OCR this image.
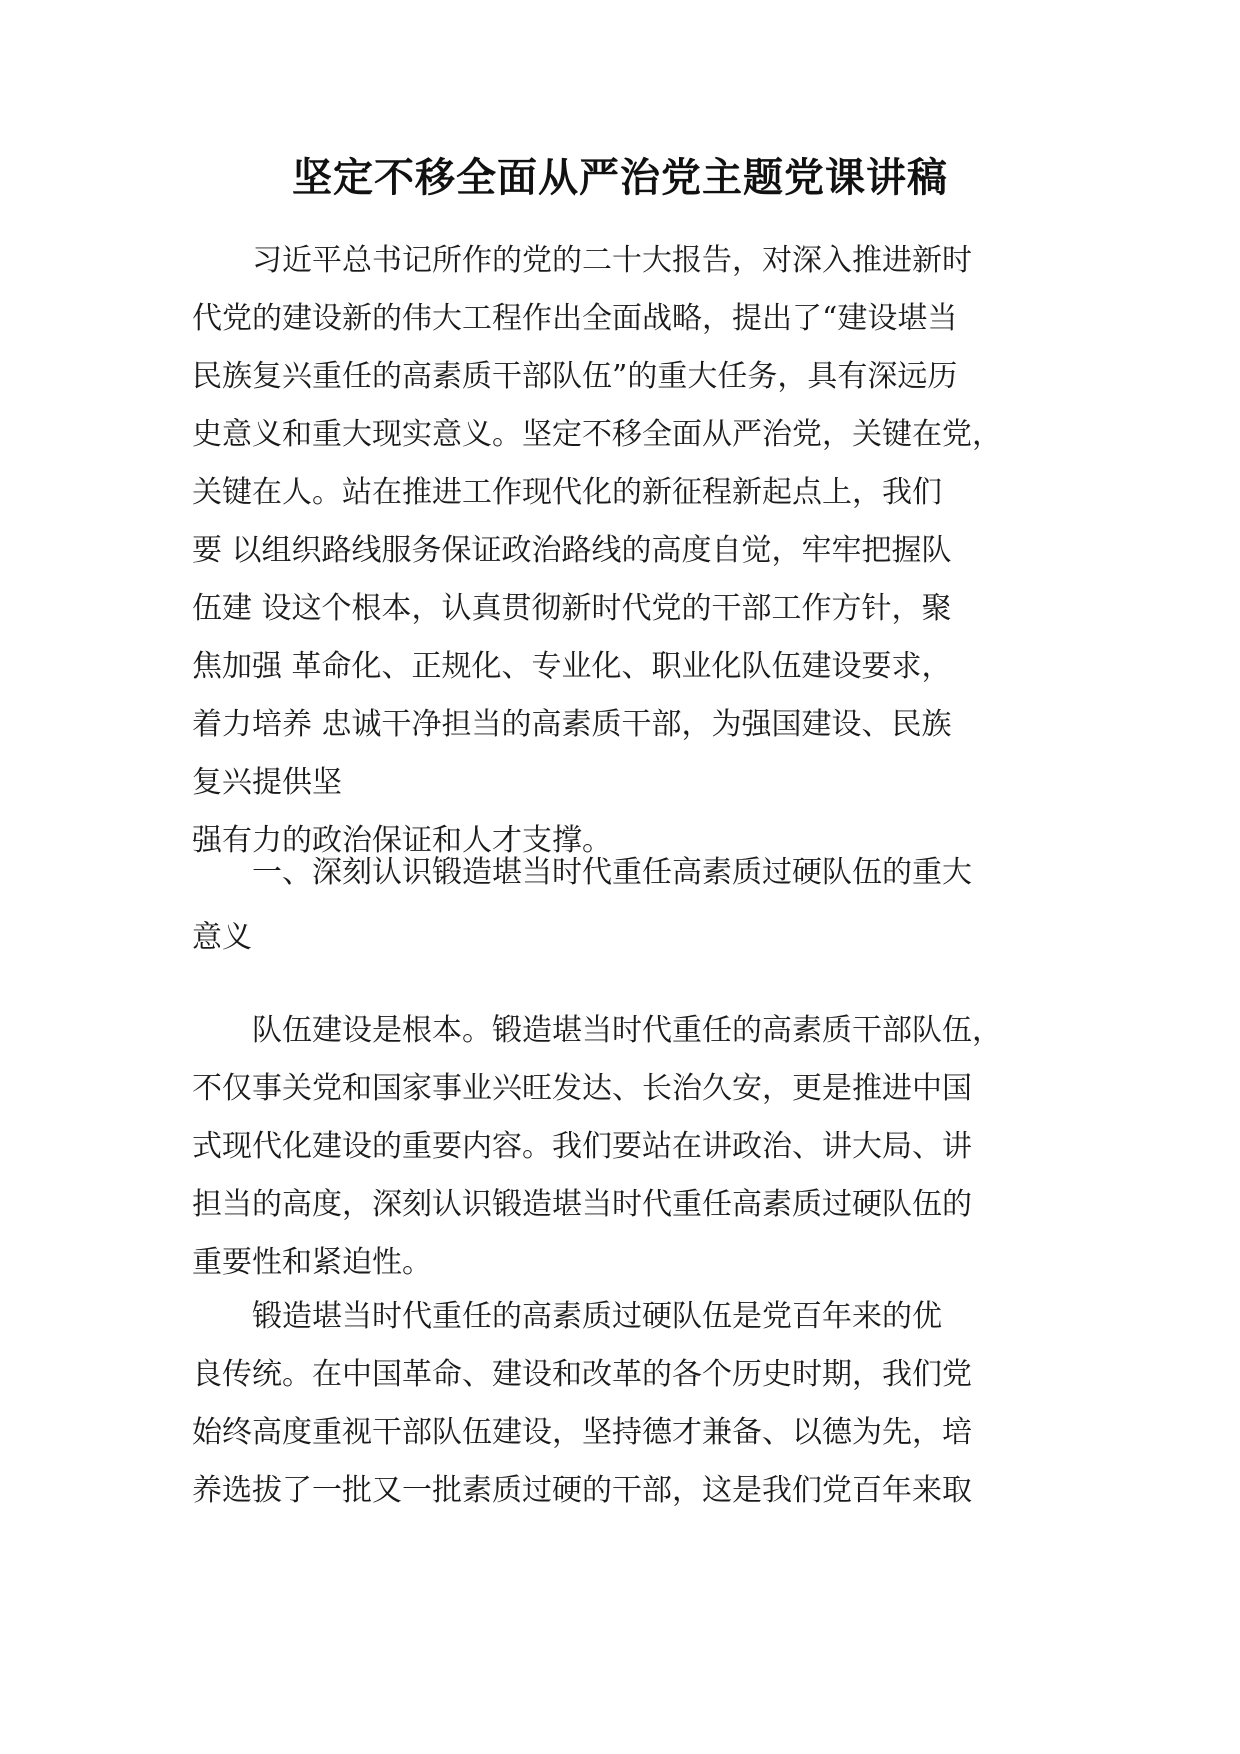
坚定不移全面从严治党主题党课讲稿
　　习近平总书记所作的党的二十大报告，对深入推进新时
代党的建设新的伟大工程作出全面战略，提出了“建设堪当
民族复兴重任的高素质干部队伍”的重大任务，具有深远历
史意义和重大现实意义。坚定不移全面从严治党，关键在党，
关键在人。站在推进工作现代化的新征程新起点上，我们
要 以组织路线服务保证政治路线的高度自觉，牢牢把握队
伍建 设这个根本，认真贯彻新时代党的干部工作方针，聚
焦加强 革命化、正规化、专业化、职业化队伍建设要求，
着力培养 忠诚干净担当的高素质干部，为强国建设、民族
复兴提供坚
强有力的政治保证和人才支撑。
　　一、深刻认识锻造堪当时代重任高素质过硬队伍的重大
意义
　　队伍建设是根本。锻造堪当时代重任的高素质干部队伍，
不仅事关党和国家事业兴旺发达、长治久安，更是推进中国
式现代化建设的重要内容。我们要站在讲政治、讲大局、讲
担当的高度，深刻认识锻造堪当时代重任高素质过硬队伍的
重要性和紧迫性。
　　锻造堪当时代重任的高素质过硬队伍是党百年来的优
良传统。在中国革命、建设和改革的各个历史时期，我们党
始终高度重视干部队伍建设，坚持德才兼备、以德为先，培
养选拔了一批又一批素质过硬的干部，这是我们党百年来取
